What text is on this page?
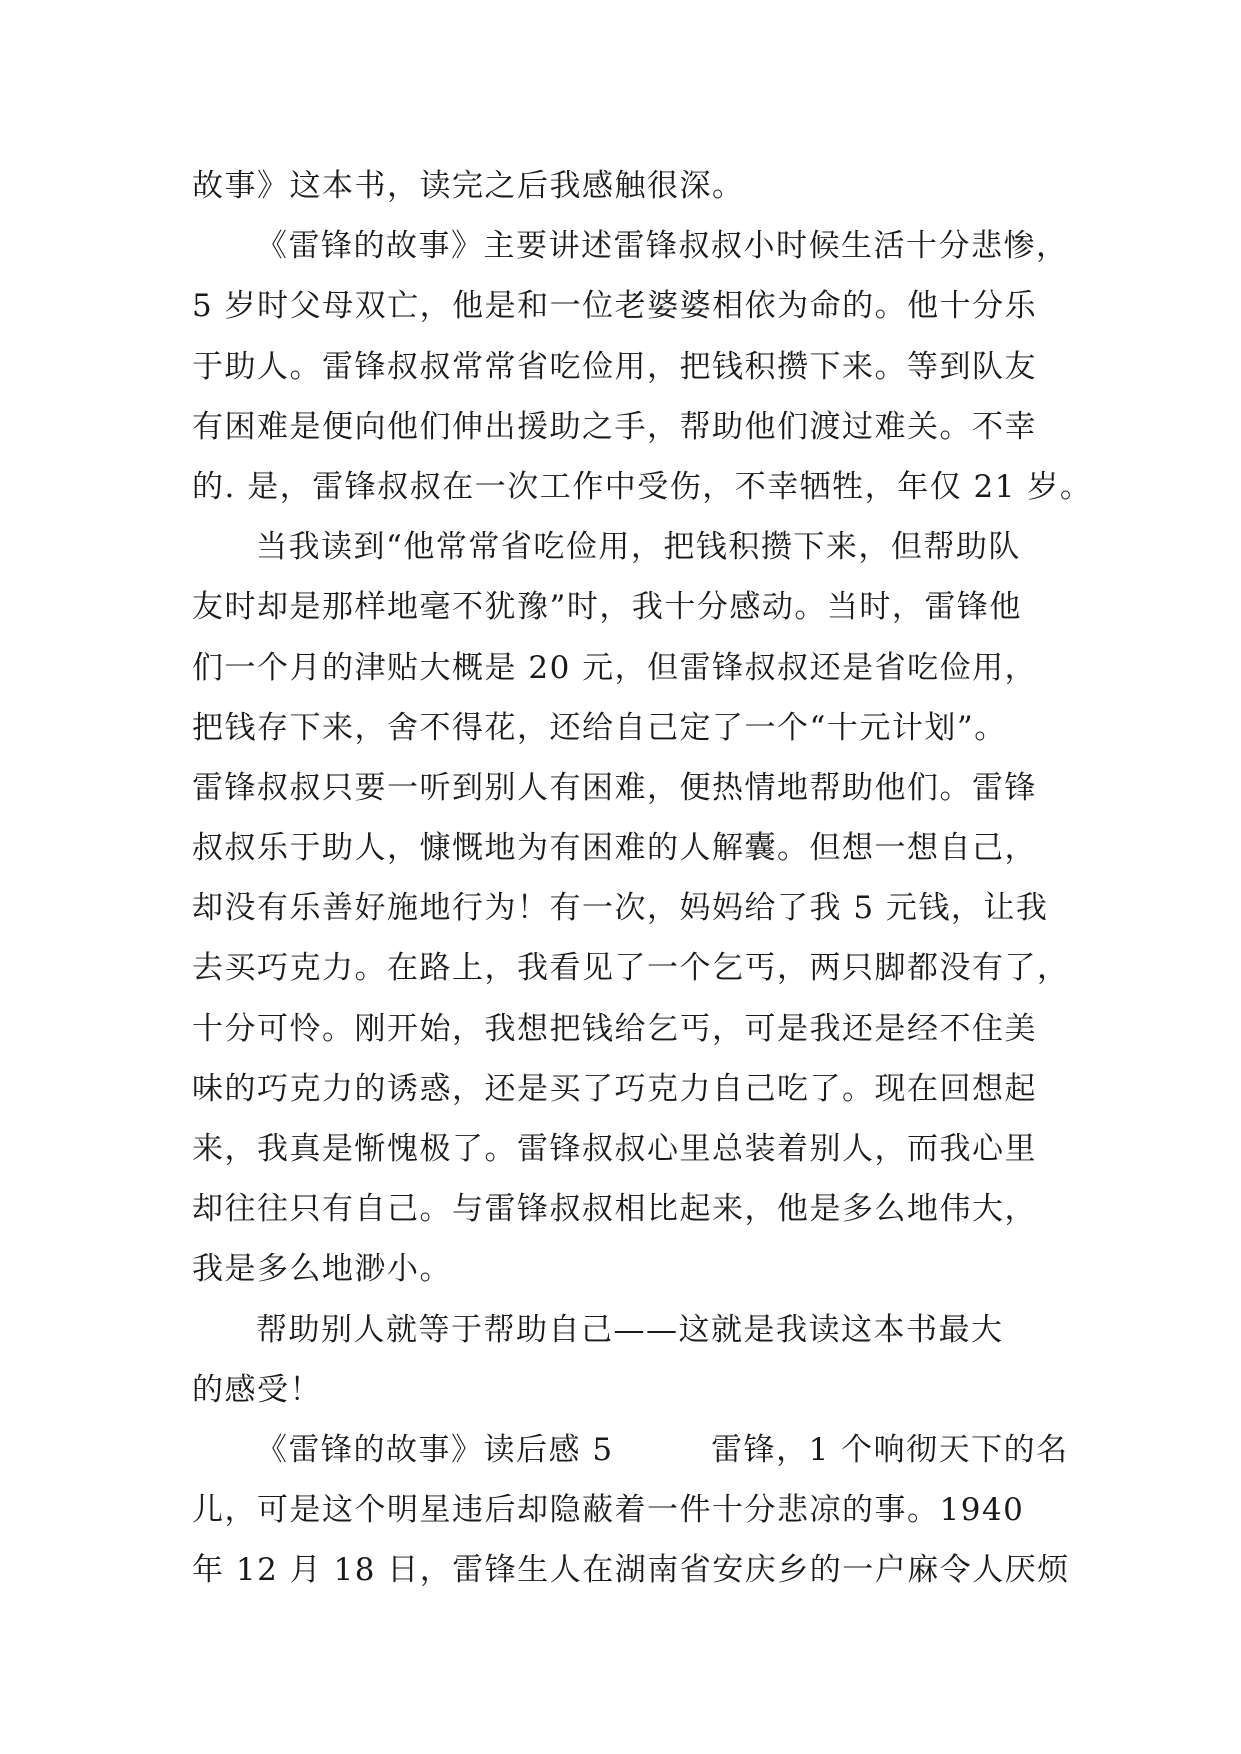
故事》这本书，读完之后我感触很深。
《雷锋的故事》主要讲述雷锋叔叔小时候生活十分悲惨，
5 岁时父母双亡，他是和一位老婆婆相依为命的。他十分乐
于助人。雷锋叔叔常常省吃俭用，把钱积攒下来。等到队友
有困难是便向他们伸出援助之手，帮助他们渡过难关。不幸
的. 是，雷锋叔叔在一次工作中受伤，不幸牺牲，年仅 21 岁。
当我读到“他常常省吃俭用，把钱积攒下来，但帮助队
友时却是那样地毫不犹豫”时，我十分感动。当时，雷锋他
们一个月的津贴大概是 20 元，但雷锋叔叔还是省吃俭用，
把钱存下来，舍不得花，还给自己定了一个“十元计划”。
雷锋叔叔只要一听到别人有困难，便热情地帮助他们。雷锋
叔叔乐于助人，慷慨地为有困难的人解囊。但想一想自己，
却没有乐善好施地行为！有一次，妈妈给了我 5 元钱，让我
去买巧克力。在路上，我看见了一个乞丐，两只脚都没有了，
十分可怜。刚开始，我想把钱给乞丐，可是我还是经不住美
味的巧克力的诱惑，还是买了巧克力自己吃了。现在回想起
来，我真是惭愧极了。雷锋叔叔心里总装着别人，而我心里
却往往只有自己。与雷锋叔叔相比起来，他是多么地伟大，
我是多么地渺小。
帮助别人就等于帮助自己——这就是我读这本书最大
的感受！
《雷锋的故事》读后感 5　　　雷锋，1 个响彻天下的名
儿，可是这个明星违后却隐蔽着一件十分悲凉的事。1940
年 12 月 18 日，雷锋生人在湖南省安庆乡的一户麻令人厌烦
